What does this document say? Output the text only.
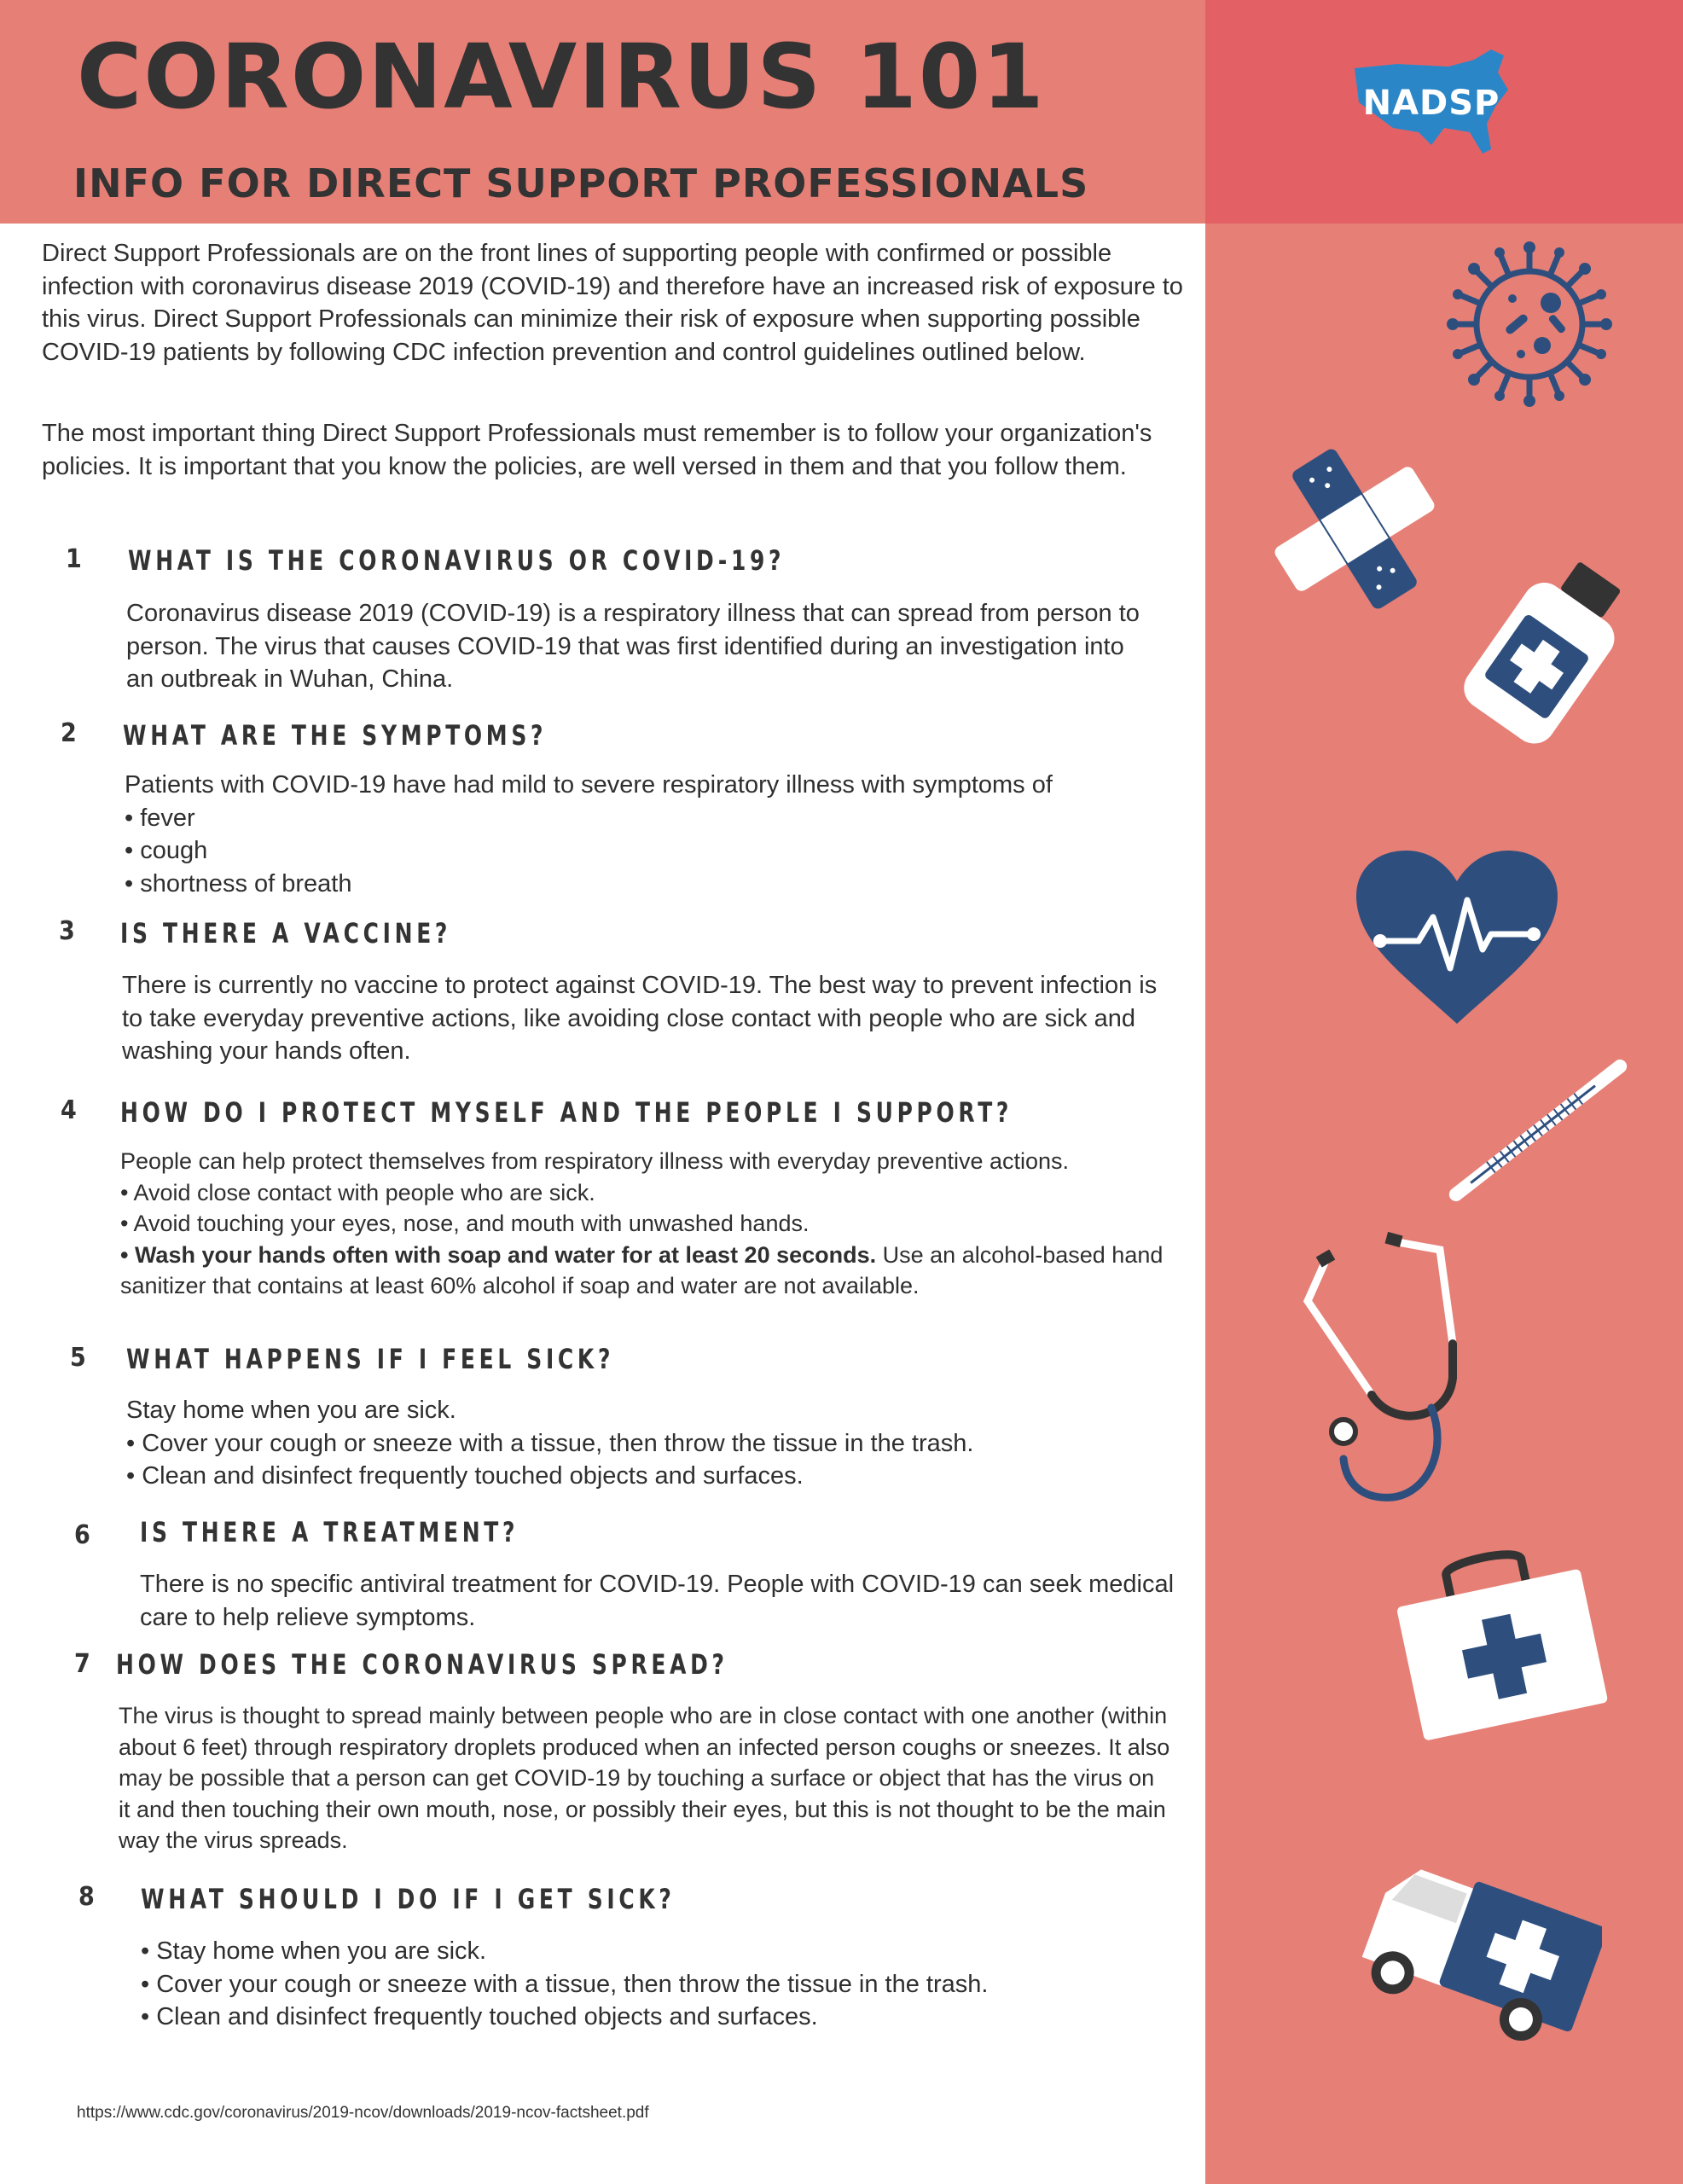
CORONAVIRUS 101
INFO FOR DIRECT SUPPORT PROFESSIONALS
NADSP

Direct Support Professionals are on the front lines of supporting people with confirmed or possible infection with coronavirus disease 2019 (COVID-19) and therefore have an increased risk of exposure to this virus. Direct Support Professionals can minimize their risk of exposure when supporting possible COVID-19 patients by following CDC infection prevention and control guidelines outlined below.

The most important thing Direct Support Professionals must remember is to follow your organization's policies. It is important that you know the policies, are well versed in them and that you follow them.

1 WHAT IS THE CORONAVIRUS OR COVID-19?
Coronavirus disease 2019 (COVID-19) is a respiratory illness that can spread from person to person. The virus that causes COVID-19 that was first identified during an investigation into an outbreak in Wuhan, China.
2 WHAT ARE THE SYMPTOMS?
Patients with COVID-19 have had mild to severe respiratory illness with symptoms of
• fever
• cough
• shortness of breath
3 IS THERE A VACCINE?
There is currently no vaccine to protect against COVID-19. The best way to prevent infection is to take everyday preventive actions, like avoiding close contact with people who are sick and washing your hands often.
4 HOW DO I PROTECT MYSELF AND THE PEOPLE I SUPPORT?
People can help protect themselves from respiratory illness with everyday preventive actions.
• Avoid close contact with people who are sick.
• Avoid touching your eyes, nose, and mouth with unwashed hands.
• Wash your hands often with soap and water for at least 20 seconds. Use an alcohol-based hand sanitizer that contains at least 60% alcohol if soap and water are not available.
5 WHAT HAPPENS IF I FEEL SICK?
Stay home when you are sick.
• Cover your cough or sneeze with a tissue, then throw the tissue in the trash.
• Clean and disinfect frequently touched objects and surfaces.
6 IS THERE A TREATMENT?
There is no specific antiviral treatment for COVID-19. People with COVID-19 can seek medical care to help relieve symptoms.
7 HOW DOES THE CORONAVIRUS SPREAD?
The virus is thought to spread mainly between people who are in close contact with one another (within about 6 feet) through respiratory droplets produced when an infected person coughs or sneezes. It also may be possible that a person can get COVID-19 by touching a surface or object that has the virus on it and then touching their own mouth, nose, or possibly their eyes, but this is not thought to be the main way the virus spreads.
8 WHAT SHOULD I DO IF I GET SICK?
• Stay home when you are sick.
• Cover your cough or sneeze with a tissue, then throw the tissue in the trash.
• Clean and disinfect frequently touched objects and surfaces.
https://www.cdc.gov/coronavirus/2019-ncov/downloads/2019-ncov-factsheet.pdf
